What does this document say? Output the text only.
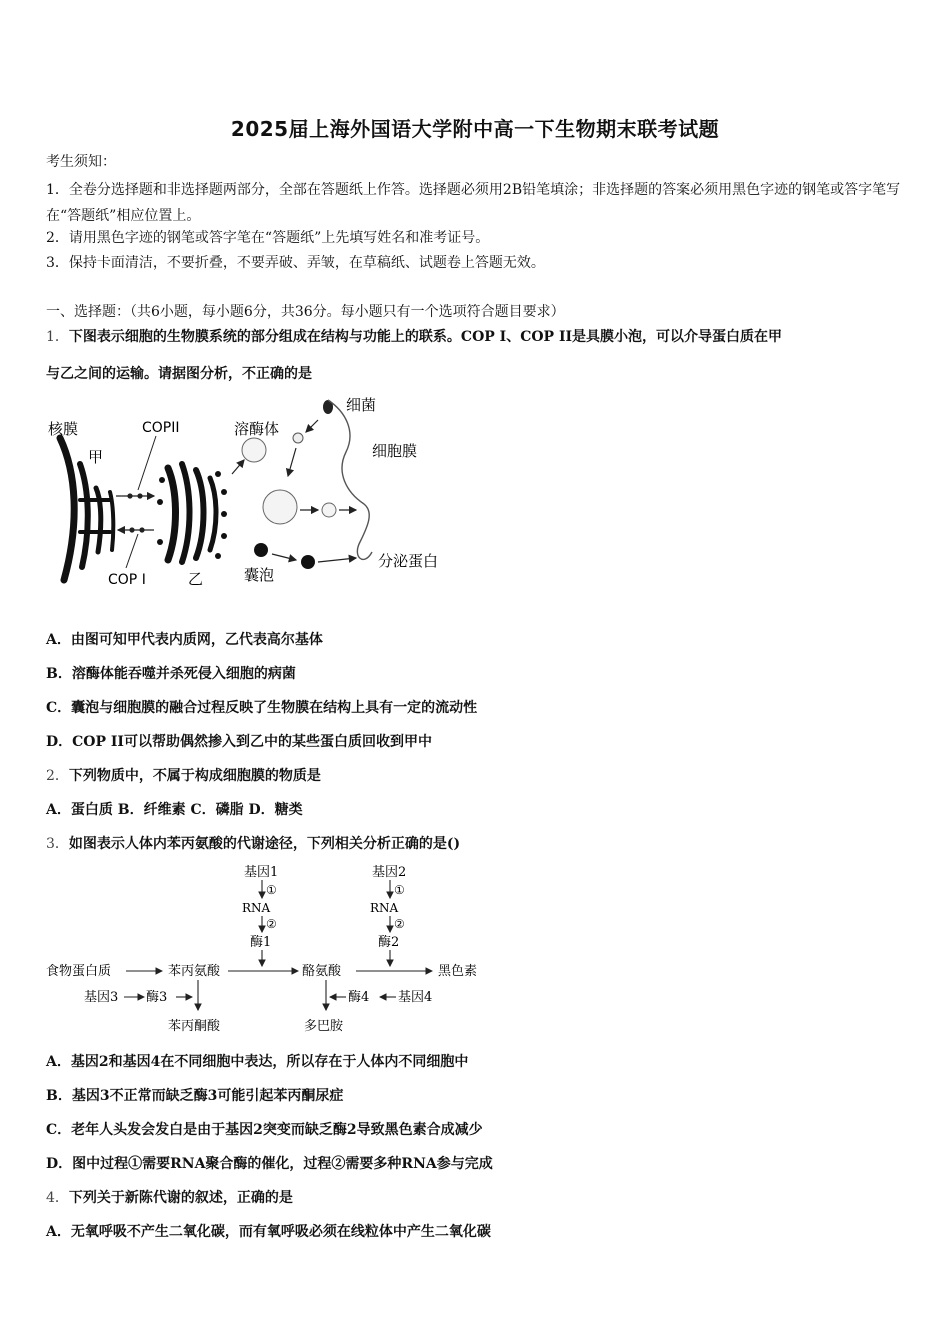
2025届上海外国语大学附中高一下生物期末联考试题
考生须知：
1．全卷分选择题和非选择题两部分，全部在答题纸上作答。选择题必须用2B铅笔填涂；非选择题的答案必须用黑色字迹的钢笔或答字笔写在“答题纸”相应位置上。
2．请用黑色字迹的钢笔或答字笔在“答题纸”上先填写姓名和准考证号。
3．保持卡面清洁，不要折叠，不要弄破、弄皱，在草稿纸、试题卷上答题无效。
一、选择题：（共6小题，每小题6分，共36分。每小题只有一个选项符合题目要求）
1．下图表示细胞的生物膜系统的部分组成在结构与功能上的联系。COP I、COP II是具膜小泡，可以介导蛋白质在甲
与乙之间的运输。请据图分析，不正确的是
核膜
甲
COPII
COP I	乙
溶酶体
细菌
细胞膜
囊泡
分泌蛋白
A．由图可知甲代表内质网，乙代表高尔基体
B．溶酶体能吞噬并杀死侵入细胞的病菌
C．囊泡与细胞膜的融合过程反映了生物膜在结构上具有一定的流动性
D．COP II可以帮助偶然掺入到乙中的某些蛋白质回收到甲中
2．下列物质中，不属于构成细胞膜的物质是
A．蛋白质 B．纤维素 C．磷脂 D．糖类
3．如图表示人体内苯丙氨酸的代谢途径，下列相关分析正确的是()
基因1
①
RNA
②
酶1
基因2
①
RNA
②
酶2
食物蛋白质	苯丙氨酸	酪氨酸	黑色素
基因3 酶3
苯丙酮酸
酶4 基因4
多巴胺
A．基因2和基因4在不同细胞中表达，所以存在于人体内不同细胞中
B．基因3不正常而缺乏酶3可能引起苯丙酮尿症
C．老年人头发会发白是由于基因2突变而缺乏酶2导致黑色素合成减少
D．图中过程①需要RNA聚合酶的催化，过程②需要多种RNA参与完成
4．下列关于新陈代谢的叙述，正确的是
A．无氧呼吸不产生二氧化碳，而有氧呼吸必须在线粒体中产生二氧化碳
